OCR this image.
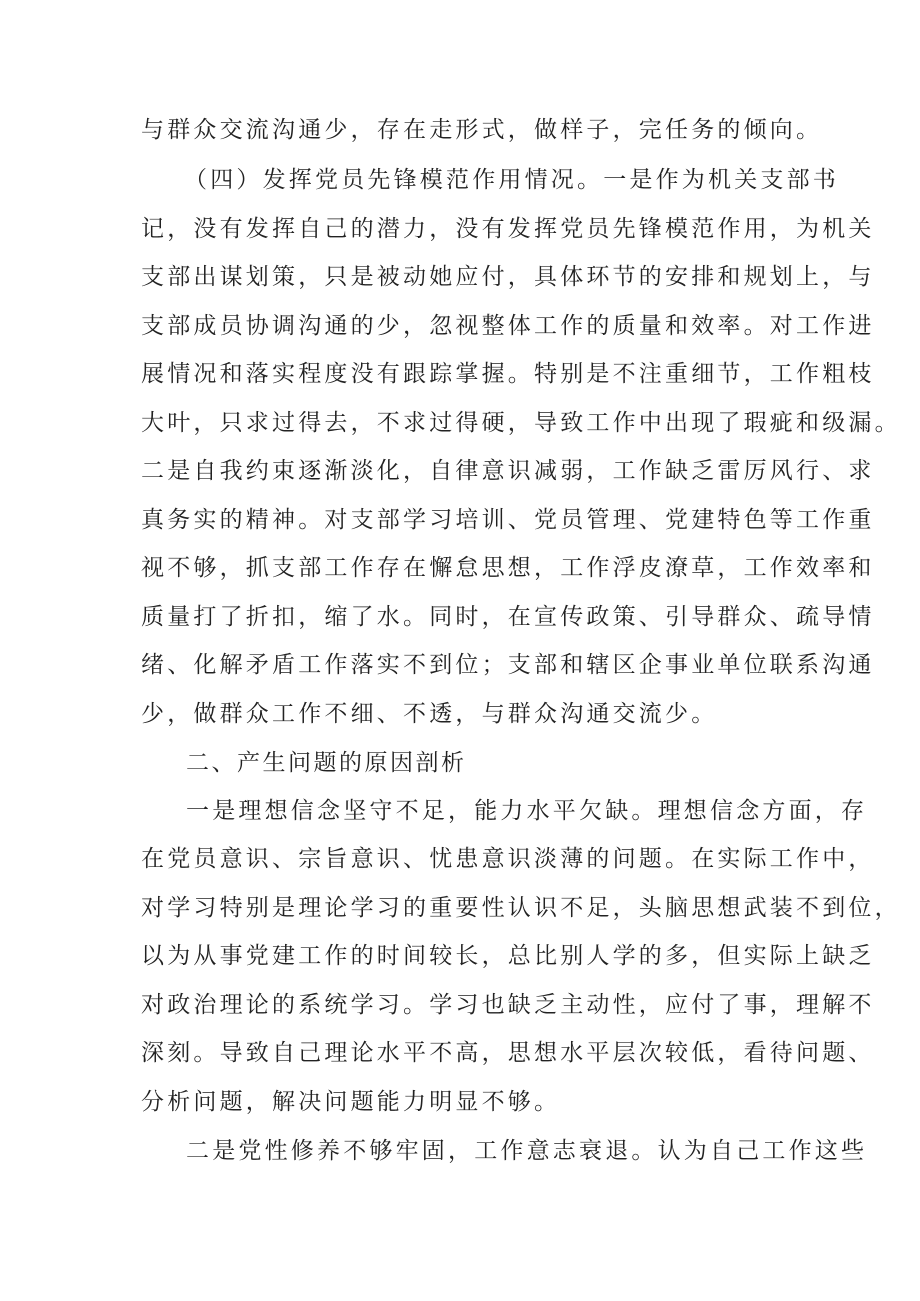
与群众交流沟通少，存在走形式，做样子，完任务的倾向。
（四）发挥党员先锋模范作用情况。一是作为机关支部书
记，没有发挥自己的潜力，没有发挥党员先锋模范作用，为机关
支部出谋划策，只是被动她应付，具体环节的安排和规划上，与
支部成员协调沟通的少，忽视整体工作的质量和效率。对工作进
展情况和落实程度没有跟踪掌握。特别是不注重细节，工作粗枝
大叶，只求过得去，不求过得硬，导致工作中出现了瑕疵和级漏。
二是自我约束逐渐淡化，自律意识减弱，工作缺乏雷厉风行、求
真务实的精神。对支部学习培训、党员管理、党建特色等工作重
视不够，抓支部工作存在懈怠思想，工作浮皮潦草，工作效率和
质量打了折扣，缩了水。同时，在宣传政策、引导群众、疏导情
绪、化解矛盾工作落实不到位；支部和辖区企事业单位联系沟通
少，做群众工作不细、不透，与群众沟通交流少。
二、产生问题的原因剖析
一是理想信念坚守不足，能力水平欠缺。理想信念方面，存
在党员意识、宗旨意识、忧患意识淡薄的问题。在实际工作中，
对学习特别是理论学习的重要性认识不足，头脑思想武装不到位，
以为从事党建工作的时间较长，总比别人学的多，但实际上缺乏
对政治理论的系统学习。学习也缺乏主动性，应付了事，理解不
深刻。导致自己理论水平不高，思想水平层次较低，看待问题、
分析问题，解决问题能力明显不够。
二是党性修养不够牢固，工作意志衰退。认为自己工作这些
